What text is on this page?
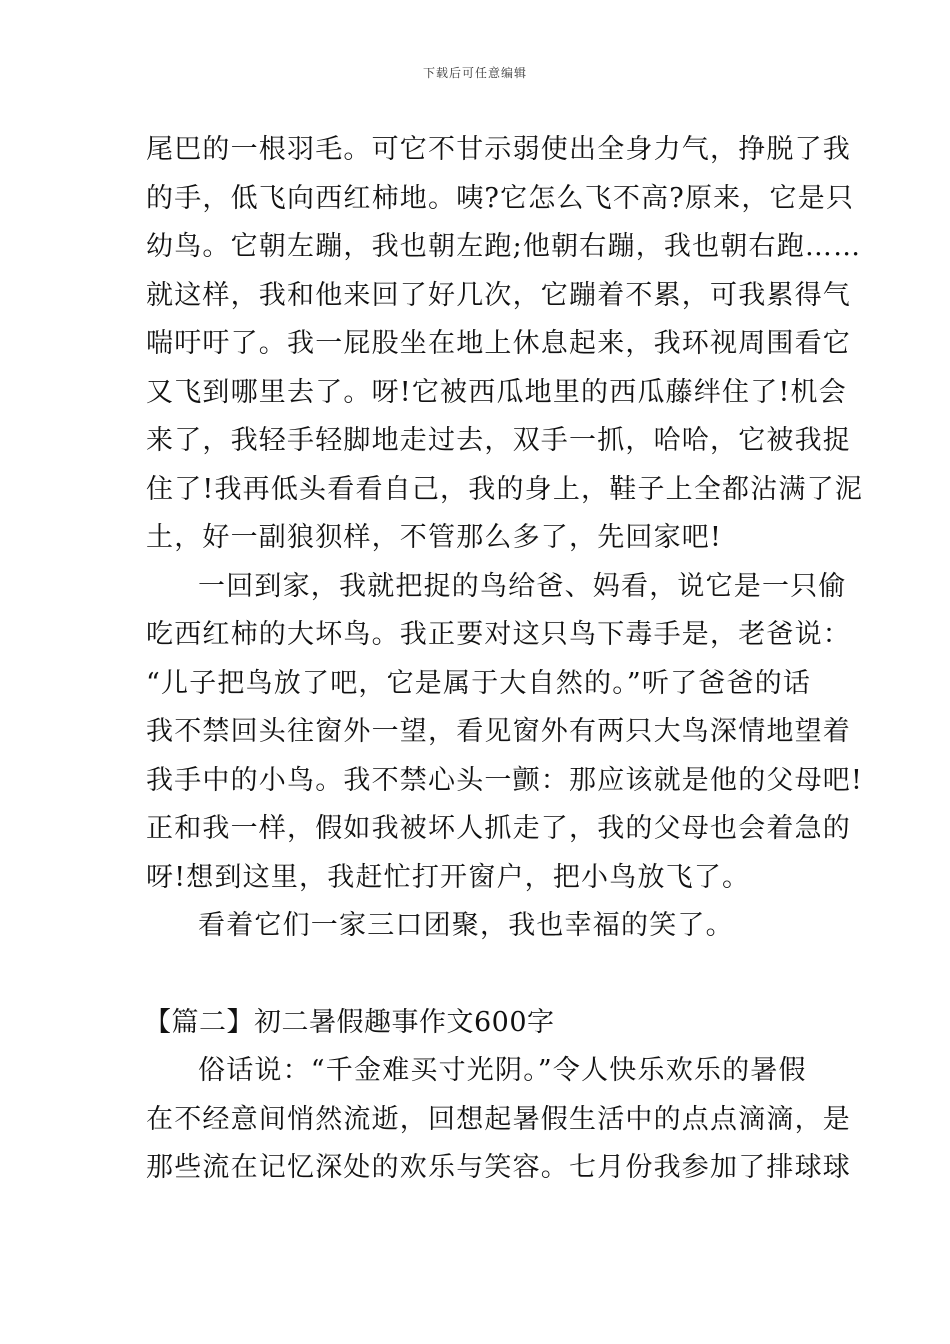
下载后可任意编辑
尾巴的一根羽毛。可它不甘示弱使出全身力气，挣脱了我
的手，低飞向西红柿地。咦?它怎么飞不高?原来，它是只
幼鸟。它朝左蹦，我也朝左跑;他朝右蹦，我也朝右跑……
就这样，我和他来回了好几次，它蹦着不累，可我累得气
喘吁吁了。我一屁股坐在地上休息起来，我环视周围看它
又飞到哪里去了。呀!它被西瓜地里的西瓜藤绊住了!机会
来了，我轻手轻脚地走过去，双手一抓，哈哈，它被我捉
住了!我再低头看看自己，我的身上，鞋子上全都沾满了泥
土，好一副狼狈样，不管那么多了，先回家吧!
一回到家，我就把捉的鸟给爸、妈看，说它是一只偷
吃西红柿的大坏鸟。我正要对这只鸟下毒手是，老爸说：
“儿子把鸟放了吧，它是属于大自然的。”听了爸爸的话
我不禁回头往窗外一望，看见窗外有两只大鸟深情地望着
我手中的小鸟。我不禁心头一颤：那应该就是他的父母吧!
正和我一样，假如我被坏人抓走了，我的父母也会着急的
呀!想到这里，我赶忙打开窗户，把小鸟放飞了。
看着它们一家三口团聚，我也幸福的笑了。
【篇二】初二暑假趣事作文600字
俗话说：“千金难买寸光阴。”令人快乐欢乐的暑假
在不经意间悄然流逝，回想起暑假生活中的点点滴滴，是
那些流在记忆深处的欢乐与笑容。七月份我参加了排球球
